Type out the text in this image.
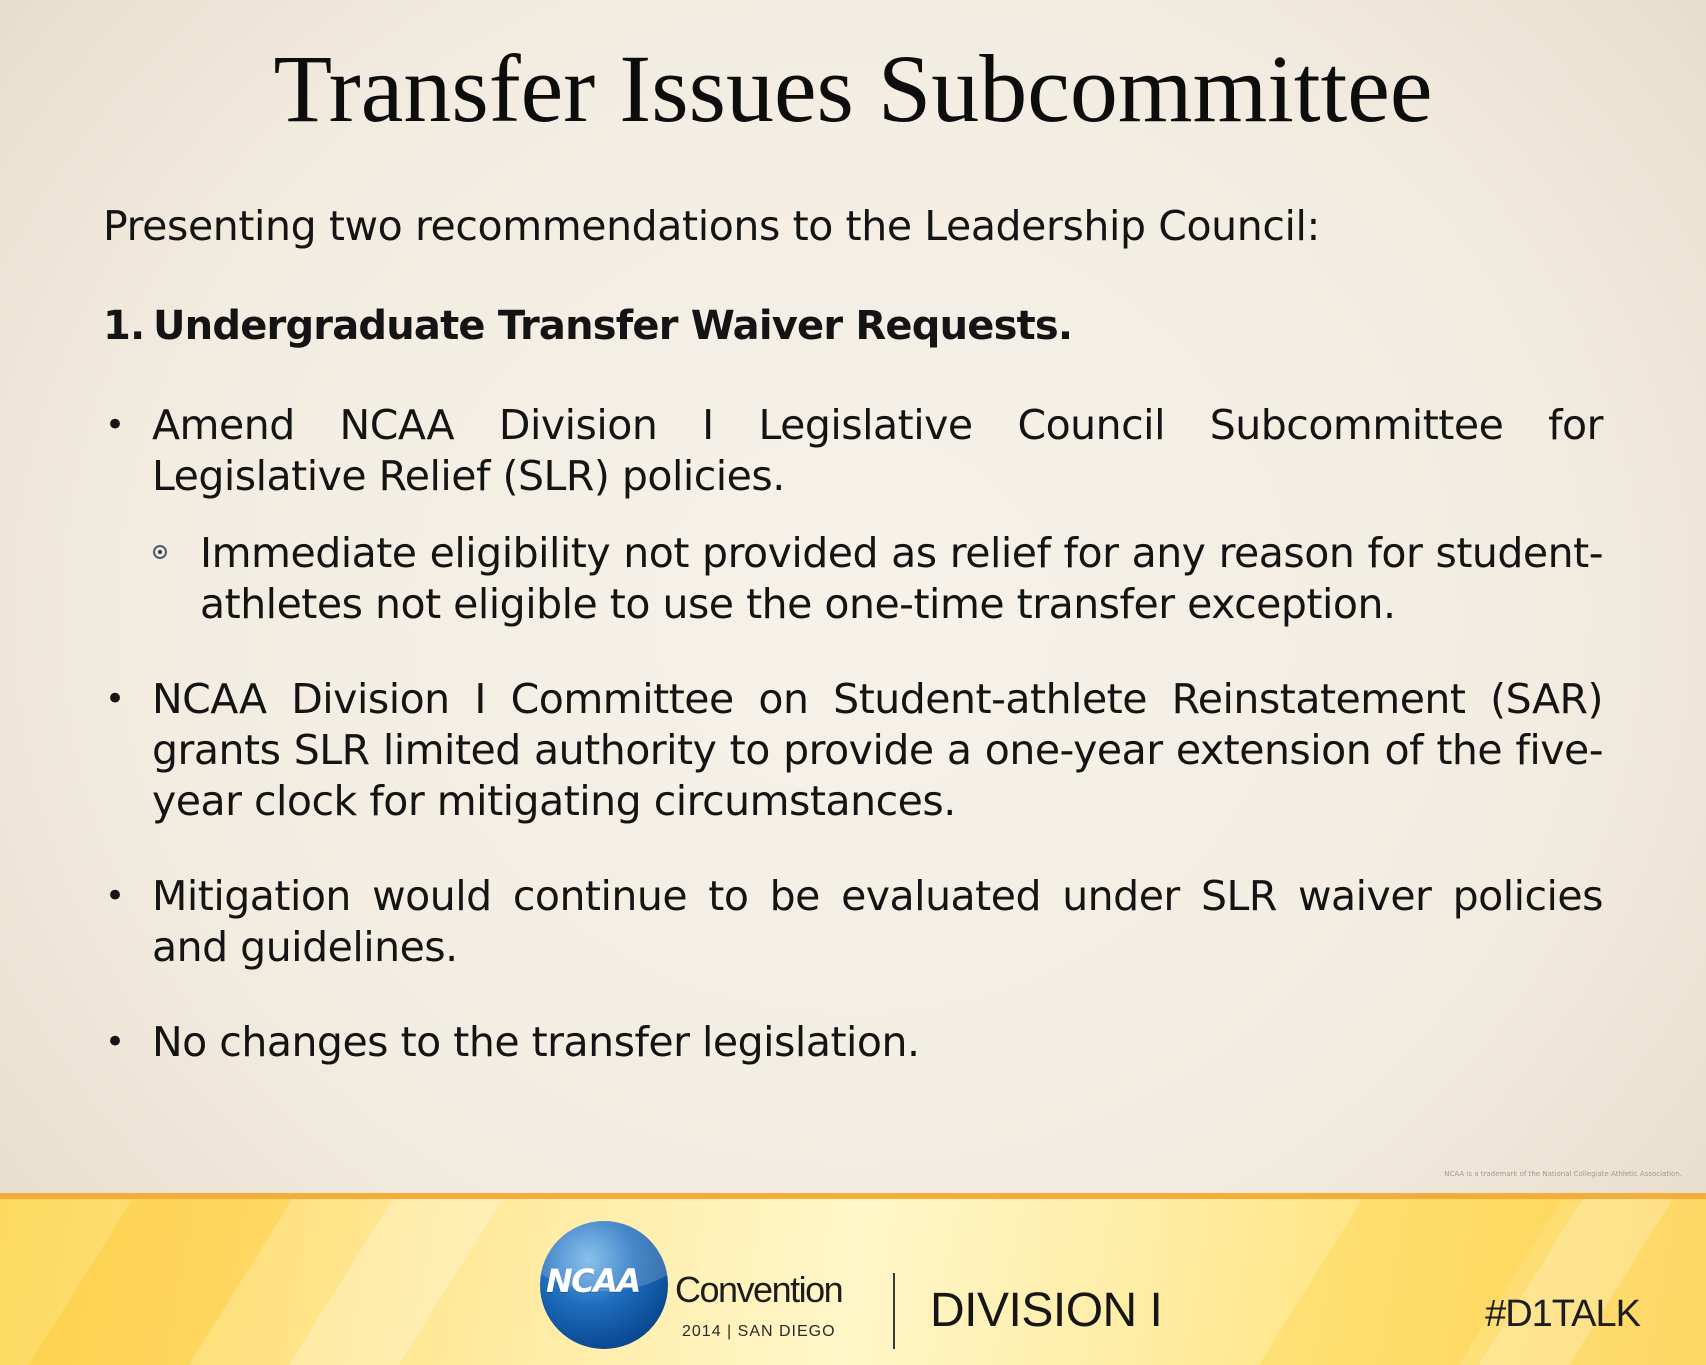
Transfer Issues Subcommittee

Presenting two recommendations to the Leadership Council:

1. Undergraduate Transfer Waiver Requests.

• Amend NCAA Division I Legislative Council Subcommittee for Legislative Relief (SLR) policies.

Immediate eligibility not provided as relief for any reason for student-athletes not eligible to use the one-time transfer exception.

• NCAA Division I Committee on Student-athlete Reinstatement (SAR) grants SLR limited authority to provide a one-year extension of the five-year clock for mitigating circumstances.

• Mitigation would continue to be evaluated under SLR waiver policies and guidelines.

• No changes to the transfer legislation.

NCAA is a trademark of the National Collegiate Athletic Association.
NCAA Convention
2014 | SAN DIEGO DIVISION I	#D1TALK
